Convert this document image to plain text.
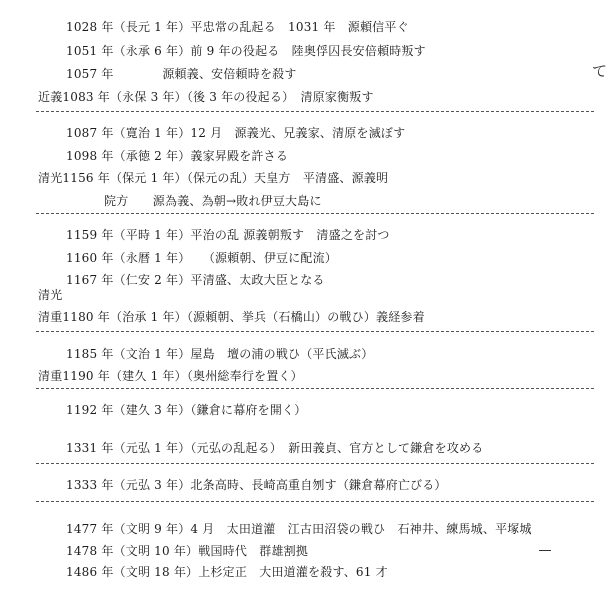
1028 年（長元 1 年）平忠常の乱起る　1031 年　源頼信平ぐ
1051 年（永承 6 年）前 9 年の役起る　陸奥俘囚長安倍頼時叛す
1057 年　　　　源頼義、安倍頼時を殺す
近義1083 年（永保 3 年）（後 3 年の役起る）　清原家衡叛す
1087 年（寛治 1 年）12 月　源義光、兄義家、清原を滅ぼす
1098 年（承徳 2 年）義家昇殿を許さる
清光1156 年（保元 1 年）（保元の乱）天皇方　平清盛、源義明
院方　　源為義、為朝→敗れ伊豆大島に
1159 年（平時 1 年）平治の乱 源義朝叛す　清盛之を討つ
1160 年（永暦 1 年）　　（源頼朝、伊豆に配流）
1167 年（仁安 2 年）平清盛、太政大臣となる
清光
清重1180 年（治承 1 年）（源頼朝、挙兵（石橋山）の戦ひ）義経参着
1185 年（文治 1 年）屋島　壇の浦の戦ひ（平氏滅ぶ）
清重1190 年（建久 1 年）（奥州総奉行を置く）
1192 年（建久 3 年）（鎌倉に幕府を開く）
1331 年（元弘 1 年）（元弘の乱起る）　新田義貞、官方として鎌倉を攻める
1333 年（元弘 3 年）北条高時、長崎高重自刎す（鎌倉幕府亡びる）
1477 年（文明 9 年）4 月　太田道灌　江古田沼袋の戦ひ　石神井、練馬城、平塚城
1478 年（文明 10 年）戦国時代　群雄割拠
1486 年（文明 18 年）上杉定正　大田道灌を殺す、61 才
て
